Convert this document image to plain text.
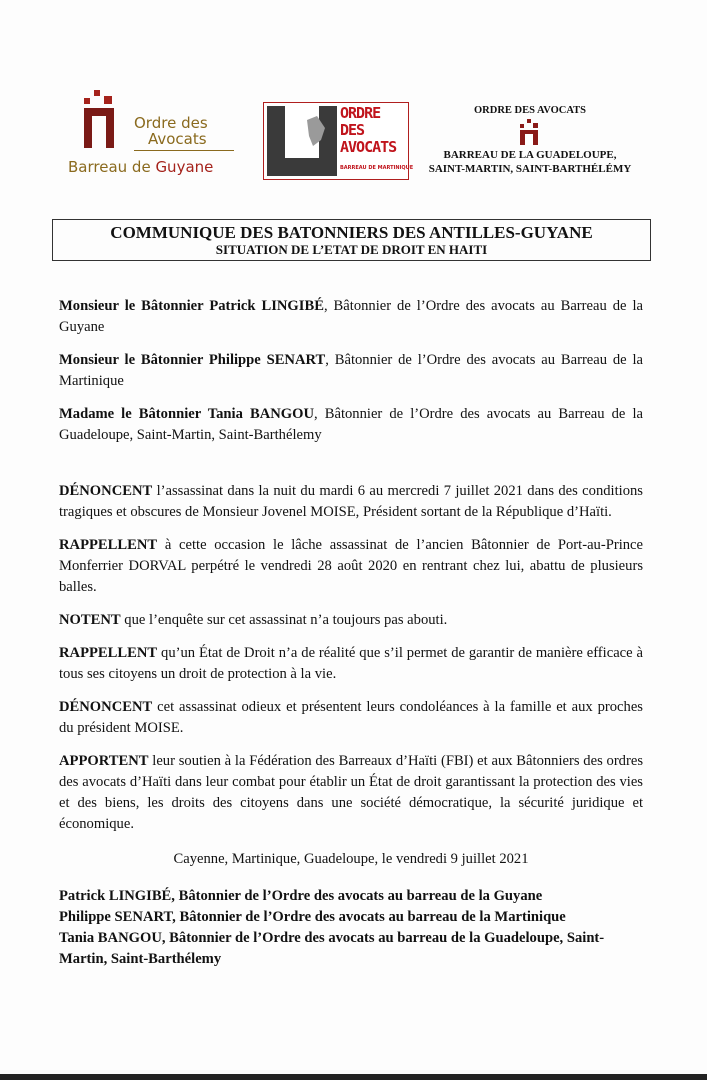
Ordre des
Avocats
Barreau de Guyane
ORDRE
DES
AVOCATS
BARREAU DE MARTINIQUE
ORDRE DES AVOCATS
BARREAU DE LA GUADELOUPE,
SAINT-MARTIN, SAINT-BARTHÉLÉMY
COMMUNIQUE DES BATONNIERS DES ANTILLES-GUYANE
SITUATION DE L’ETAT DE DROIT EN HAITI

Monsieur le Bâtonnier Patrick LINGIBÉ, Bâtonnier de l’Ordre des avocats au Barreau de la Guyane

Monsieur le Bâtonnier Philippe SENART, Bâtonnier de l’Ordre des avocats au Barreau de la Martinique

Madame le Bâtonnier Tania BANGOU, Bâtonnier de l’Ordre des avocats au Barreau de la Guadeloupe, Saint-Martin, Saint-Barthélemy

DÉNONCENT l’assassinat dans la nuit du mardi 6 au mercredi 7 juillet 2021 dans des conditions tragiques et obscures de Monsieur Jovenel MOISE, Président sortant de la République d’Haïti.

RAPPELLENT à cette occasion le lâche assassinat de l’ancien Bâtonnier de Port-au-Prince Monferrier DORVAL perpétré le vendredi 28 août 2020 en rentrant chez lui, abattu de plusieurs balles.

NOTENT que l’enquête sur cet assassinat n’a toujours pas abouti.

RAPPELLENT qu’un État de Droit n’a de réalité que s’il permet de garantir de manière efficace à tous ses citoyens un droit de protection à la vie.

DÉNONCENT cet assassinat odieux et présentent leurs condoléances à la famille et aux proches du président MOISE.

APPORTENT leur soutien à la Fédération des Barreaux d’Haïti (FBI) et aux Bâtonniers des ordres des avocats d’Haïti dans leur combat pour établir un État de droit garantissant la protection des vies et des biens, les droits des citoyens dans une société démocratique, la sécurité juridique et économique.

Cayenne, Martinique, Guadeloupe, le vendredi 9 juillet 2021
Patrick LINGIBÉ, Bâtonnier de l’Ordre des avocats au barreau de la Guyane
Philippe SENART, Bâtonnier de l’Ordre des avocats au barreau de la Martinique
Tania BANGOU, Bâtonnier de l’Ordre des avocats au barreau de la Guadeloupe, Saint-
Martin, Saint-Barthélemy
